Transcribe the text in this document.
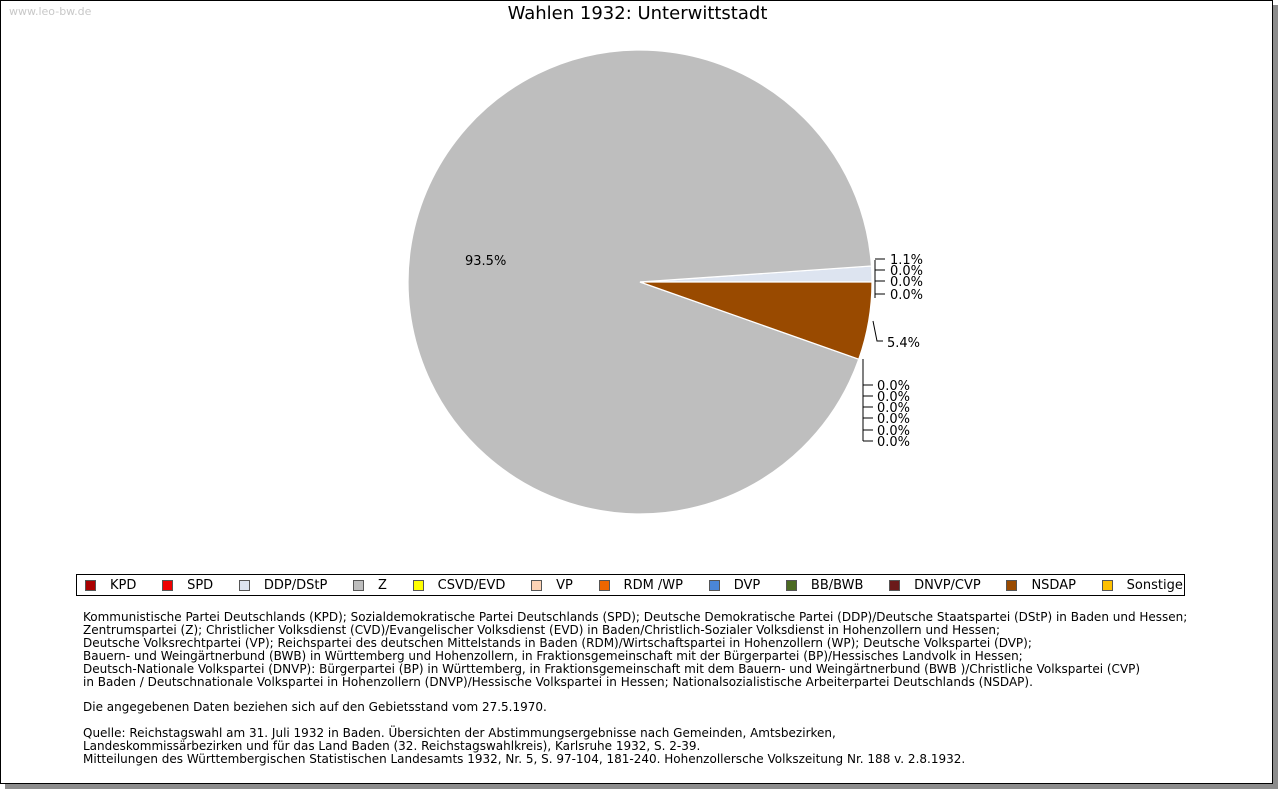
www.leo-bw.de	Wahlen 1932: Unterwittstadt
93.5%	1.1%
0.0%
0.0%
0.0%
5.4%
0.0%
0.0%
0.0%
0.0%
0.0%
0.0%
KPD	SPD	DDP/DStP	Z	CSVD/EVD	VP	RDM /WP	DVP	BB/BWB	DNVP/CVP	NSDAP	Sonstige
Kommunistische Partei Deutschlands (KPD); Sozialdemokratische Partei Deutschlands (SPD); Deutsche Demokratische Partei (DDP)/Deutsche Staatspartei (DStP) in Baden und Hessen;
Zentrumspartei (Z); Christlicher Volksdienst (CVD)/Evangelischer Volksdienst (EVD) in Baden/Christlich-Sozialer Volksdienst in Hohenzollern und Hessen;
Deutsche Volksrechtpartei (VP); Reichspartei des deutschen Mittelstands in Baden (RDM)/Wirtschaftspartei in Hohenzollern (WP); Deutsche Volkspartei (DVP);
Bauern- und Weingärtnerbund (BWB) in Württemberg und Hohenzollern, in Fraktionsgemeinschaft mit der Bürgerpartei (BP)/Hessisches Landvolk in Hessen;
Deutsch-Nationale Volkspartei (DNVP): Bürgerpartei (BP) in Württemberg, in Fraktionsgemeinschaft mit dem Bauern- und Weingärtnerbund (BWB )/Christliche Volkspartei (CVP)
in Baden / Deutschnationale Volkspartei in Hohenzollern (DNVP)/Hessische Volkspartei in Hessen; Nationalsozialistische Arbeiterpartei Deutschlands (NSDAP).
Die angegebenen Daten beziehen sich auf den Gebietsstand vom 27.5.1970.
Quelle: Reichstagswahl am 31. Juli 1932 in Baden. Übersichten der Abstimmungsergebnisse nach Gemeinden, Amtsbezirken,
Landeskommissärbezirken und für das Land Baden (32. Reichstagswahlkreis), Karlsruhe 1932, S. 2-39.
Mitteilungen des Württembergischen Statistischen Landesamts 1932, Nr. 5, S. 97-104, 181-240. Hohenzollersche Volkszeitung Nr. 188 v. 2.8.1932.
